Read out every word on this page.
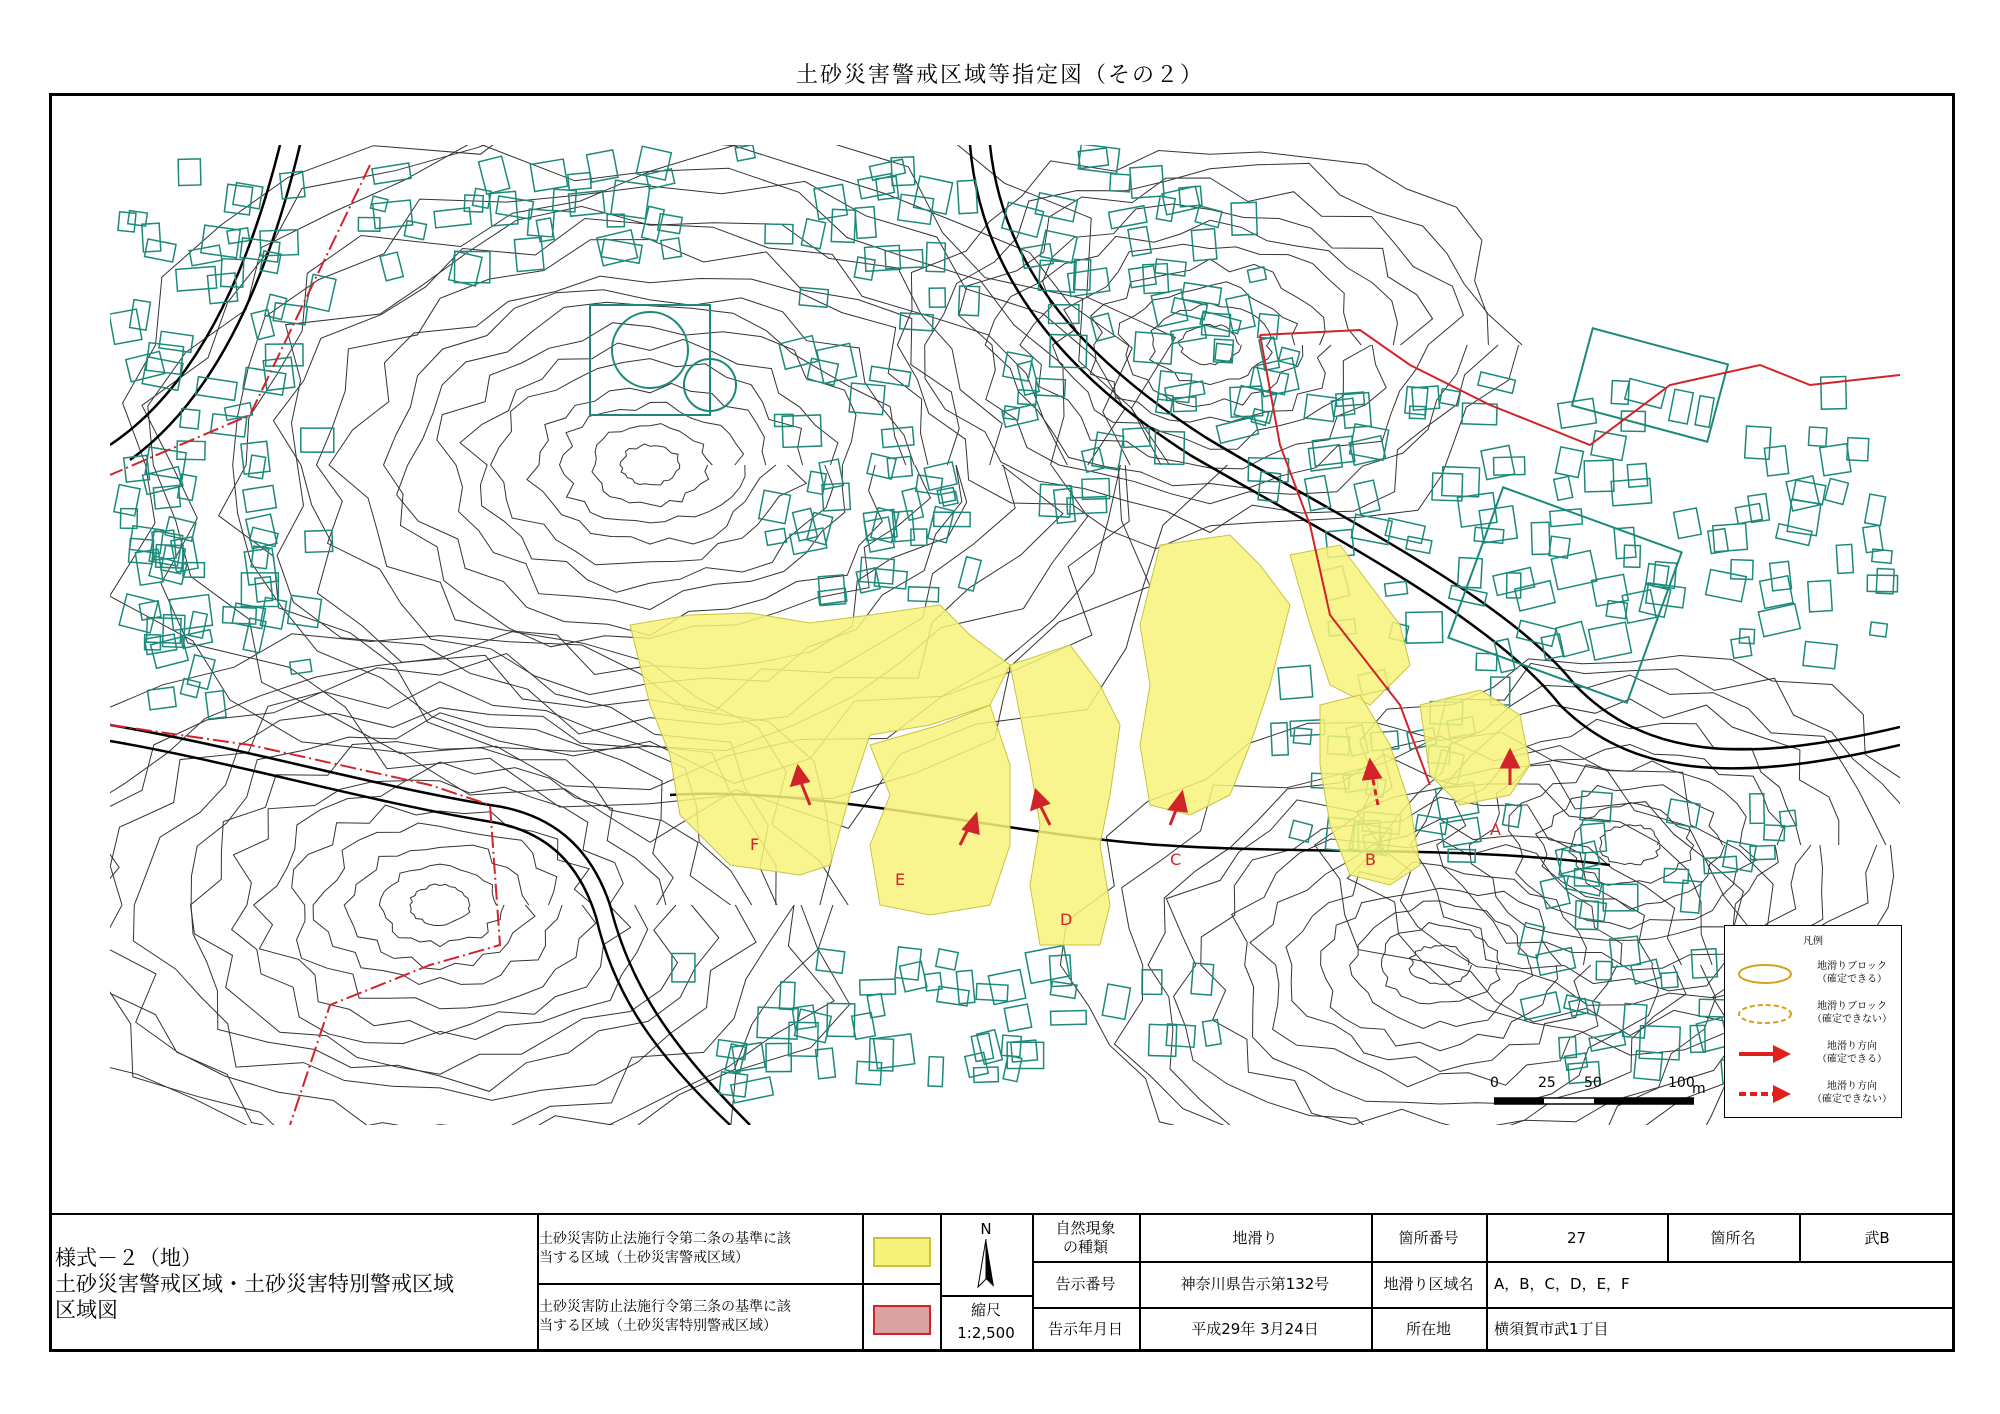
土砂災害警戒区域等指定図（その２）
A
B
C
D
E
F
凡例
地滑りブロック
（確定できる）
地滑りブロック
（確定できない）
地滑り方向
（確定できる）
地滑り方向
（確定できない）
0	25 50	100
m
様式－２（地）
土砂災害警戒区域・土砂災害特別警戒区域
区域図
土砂災害防止法施行令第二条の基準に該
当する区域（土砂災害警戒区域）
土砂災害防止法施行令第三条の基準に該
当する区域（土砂災害特別警戒区域）
N
縮尺
1:2,500
自然現象
の種類
地滑り	箇所番号	27	箇所名	武B
告示番号	神奈川県告示第132号	地滑り区域名	A，B，C，D，E，F
告示年月日	平成29年 3月24日	所在地	横須賀市武1丁目
